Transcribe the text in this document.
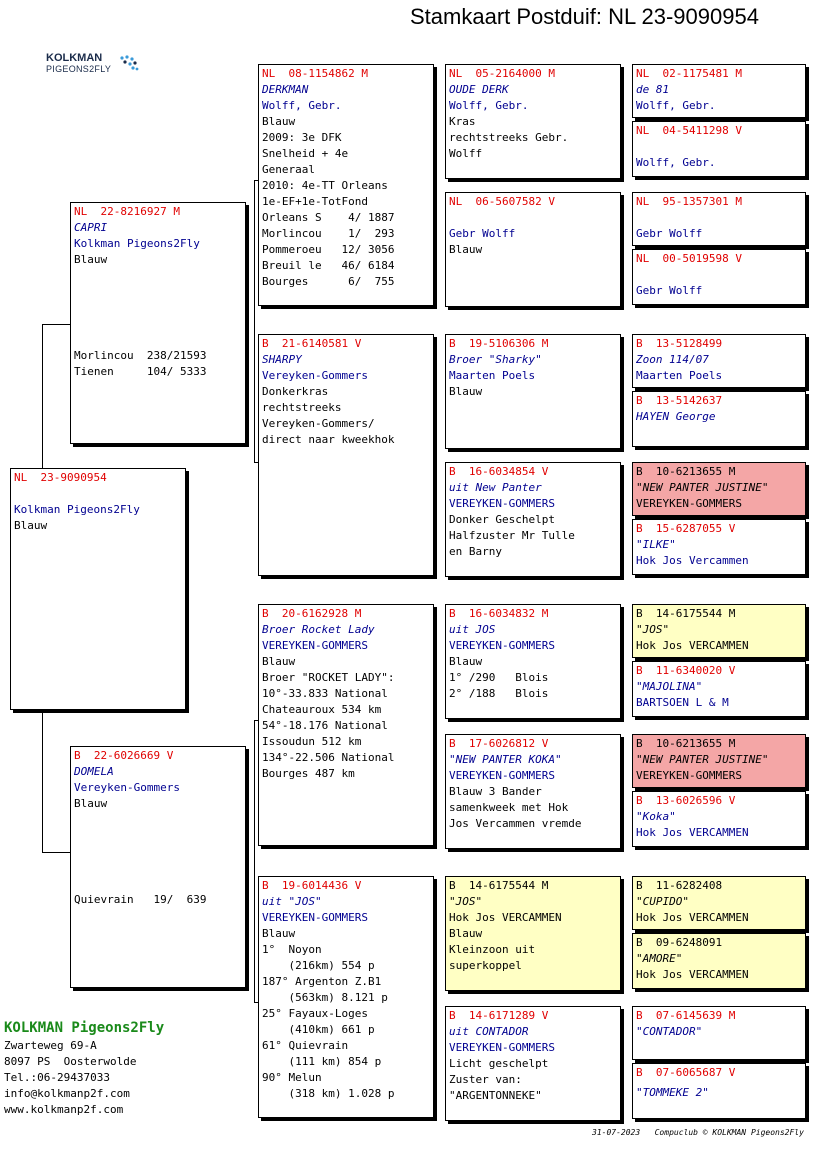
Stamkaart Postduif: NL 23-9090954
KOLKMAN
PIGEONS2FLY
NL  23-9090954

Kolkman Pigeons2Fly
Blauw
NL  22-8216927 M
CAPRI
Kolkman Pigeons2Fly
Blauw
Morlincou  238/21593
Tienen     104/ 5333
B  22-6026669 V
DOMELA
Vereyken-Gommers
Blauw
Quievrain   19/  639
NL  08-1154862 M
DERKMAN
Wolff, Gebr.
Blauw
2009: 3e DFK
Snelheid + 4e
Generaal
2010: 4e-TT Orleans
1e-EF+1e-TotFond
Orleans S    4/ 1887
Morlincou    1/  293
Pommeroeu   12/ 3056
Breuil le   46/ 6184
Bourges      6/  755
B  21-6140581 V
SHARPY
Vereyken-Gommers
Donkerkras
rechtstreeks
Vereyken-Gommers/
direct naar kweekhok
B  20-6162928 M
Broer Rocket Lady
VEREYKEN-GOMMERS
Blauw
Broer "ROCKET LADY":
10°-33.833 National
Chateauroux 534 km
54°-18.176 National
Issoudun 512 km
134°-22.506 National
Bourges 487 km
B  19-6014436 V
uit "JOS"
VEREYKEN-GOMMERS
Blauw
1°  Noyon
(216km) 554 p
187° Argenton Z.B1
(563km) 8.121 p
25° Fayaux-Loges
(410km) 661 p
61° Quievrain
(111 km) 854 p
90° Melun
(318 km) 1.028 p
NL  05-2164000 M
OUDE DERK
Wolff, Gebr.
Kras
rechtstreeks Gebr.
Wolff
NL  06-5607582 V

Gebr Wolff
Blauw
B  19-5106306 M
Broer "Sharky"
Maarten Poels
Blauw
B  16-6034854 V
uit New Panter
VEREYKEN-GOMMERS
Donker Geschelpt
Halfzuster Mr Tulle
en Barny
B  16-6034832 M
uit JOS
VEREYKEN-GOMMERS
Blauw
1° /290   Blois
2° /188   Blois
B  17-6026812 V
"NEW PANTER KOKA"
VEREYKEN-GOMMERS
Blauw 3 Bander
samenkweek met Hok
Jos Vercammen vremde
B  14-6175544 M
"JOS"
Hok Jos VERCAMMEN
Blauw
Kleinzoon uit
superkoppel
B  14-6171289 V
uit CONTADOR
VEREYKEN-GOMMERS
Licht geschelpt
Zuster van:
"ARGENTONNEKE"
NL  02-1175481 M
de 81
Wolff, Gebr.
NL  04-5411298 V

Wolff, Gebr.
NL  95-1357301 M

Gebr Wolff
NL  00-5019598 V

Gebr Wolff
B  13-5128499
Zoon 114/07
Maarten Poels
B  13-5142637
HAYEN George

B  10-6213655 M
"NEW PANTER JUSTINE"
VEREYKEN-GOMMERS
B  15-6287055 V
"ILKE"
Hok Jos Vercammen
B  14-6175544 M
"JOS"
Hok Jos VERCAMMEN
B  11-6340020 V
"MAJOLINA"
BARTSOEN L & M
B  10-6213655 M
"NEW PANTER JUSTINE"
VEREYKEN-GOMMERS
B  13-6026596 V
"Koka"
Hok Jos VERCAMMEN
B  11-6282408
"CUPIDO"
Hok Jos VERCAMMEN
B  09-6248091
"AMORE"
Hok Jos VERCAMMEN
B  07-6145639 M
"CONTADOR"

B  07-6065687 V
"TOMMEKE 2"

KOLKMAN Pigeons2Fly
Zwarteweg 69-A
8097 PS  Oosterwolde
Tel.:06-29437033
info@kolkmanp2f.com
www.kolkmanp2f.com
31-07-2023   Compuclub © KOLKMAN Pigeons2Fly
